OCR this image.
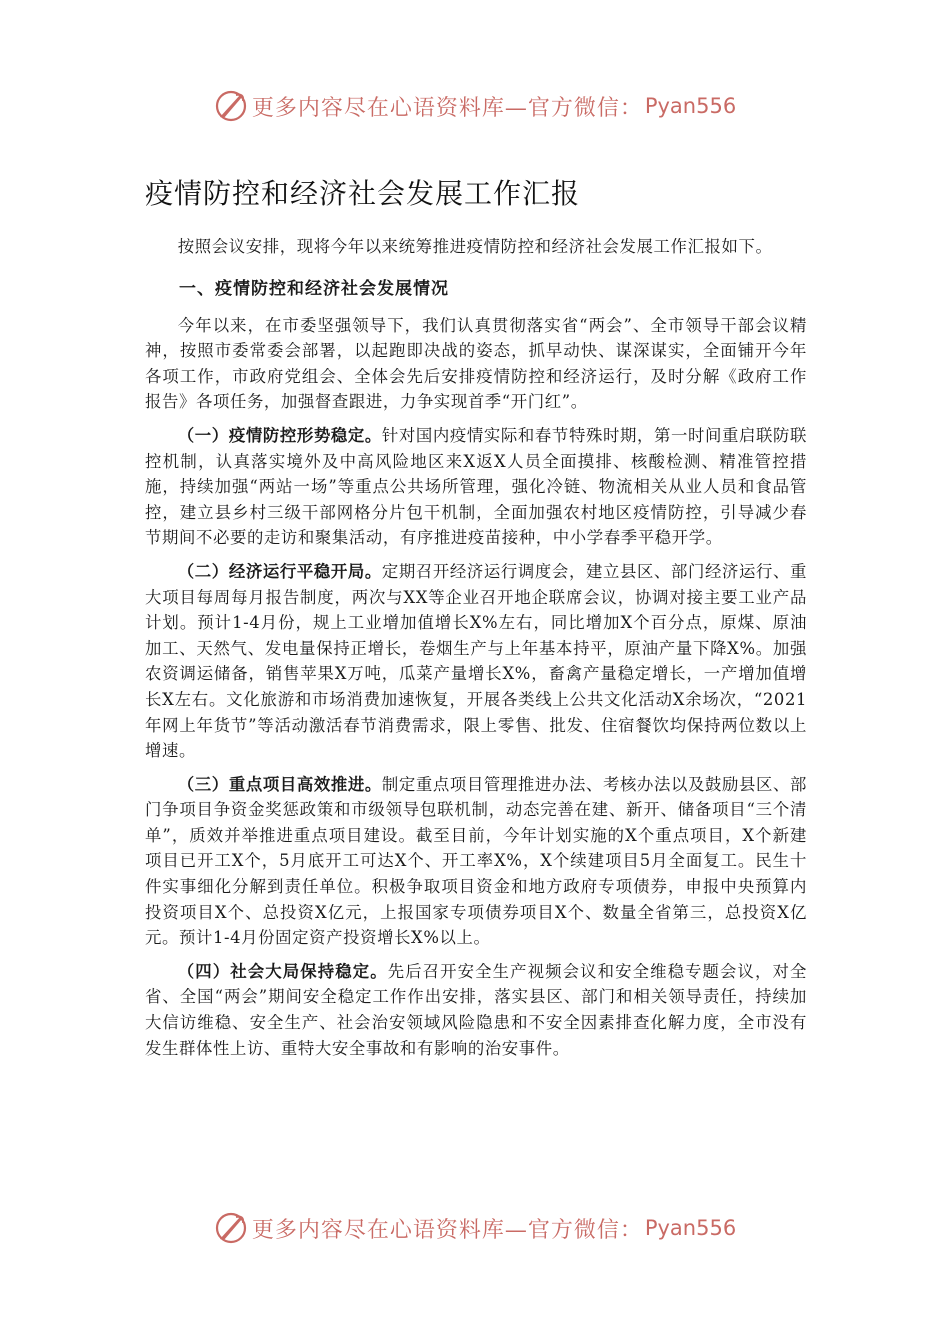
更多内容尽在心语资料库—官方微信： Pyan556
疫情防控和经济社会发展工作汇报

按照会议安排，现将今年以来统筹推进疫情防控和经济社会发展工作汇报如下。

一、疫情防控和经济社会发展情况

今年以来，在市委坚强领导下，我们认真贯彻落实省“两会”、全市领导干部会议精神，按照市委常委会部署，以起跑即决战的姿态，抓早动快、谋深谋实，全面铺开今年各项工作，市政府党组会、全体会先后安排疫情防控和经济运行，及时分解《政府工作报告》各项任务，加强督查跟进，力争实现首季“开门红”。

（一）疫情防控形势稳定。针对国内疫情实际和春节特殊时期，第一时间重启联防联控机制，认真落实境外及中高风险地区来X返X人员全面摸排、核酸检测、精准管控措施，持续加强“两站一场”等重点公共场所管理，强化冷链、物流相关从业人员和食品管控，建立县乡村三级干部网格分片包干机制，全面加强农村地区疫情防控，引导减少春节期间不必要的走访和聚集活动，有序推进疫苗接种，中小学春季平稳开学。

（二）经济运行平稳开局。定期召开经济运行调度会，建立县区、部门经济运行、重大项目每周每月报告制度，两次与XX等企业召开地企联席会议，协调对接主要工业产品计划。预计1-4月份，规上工业增加值增长X%左右，同比增加X个百分点，原煤、原油加工、天然气、发电量保持正增长，卷烟生产与上年基本持平，原油产量下降X%。加强农资调运储备，销售苹果X万吨，瓜菜产量增长X%，畜禽产量稳定增长，一产增加值增长X左右。文化旅游和市场消费加速恢复，开展各类线上公共文化活动X余场次，“2021年网上年货节”等活动激活春节消费需求，限上零售、批发、住宿餐饮均保持两位数以上增速。

（三）重点项目高效推进。制定重点项目管理推进办法、考核办法以及鼓励县区、部门争项目争资金奖惩政策和市级领导包联机制，动态完善在建、新开、储备项目“三个清单”，质效并举推进重点项目建设。截至目前，今年计划实施的X个重点项目，X个新建项目已开工X个，5月底开工可达X个、开工率X%，X个续建项目5月全面复工。民生十件实事细化分解到责任单位。积极争取项目资金和地方政府专项债券，申报中央预算内投资项目X个、总投资X亿元，上报国家专项债券项目X个、数量全省第三，总投资X亿元。预计1-4月份固定资产投资增长X%以上。

（四）社会大局保持稳定。先后召开安全生产视频会议和安全维稳专题会议，对全省、全国“两会”期间安全稳定工作作出安排，落实县区、部门和相关领导责任，持续加大信访维稳、安全生产、社会治安领域风险隐患和不安全因素排查化解力度，全市没有发生群体性上访、重特大安全事故和有影响的治安事件。

更多内容尽在心语资料库—官方微信： Pyan556
